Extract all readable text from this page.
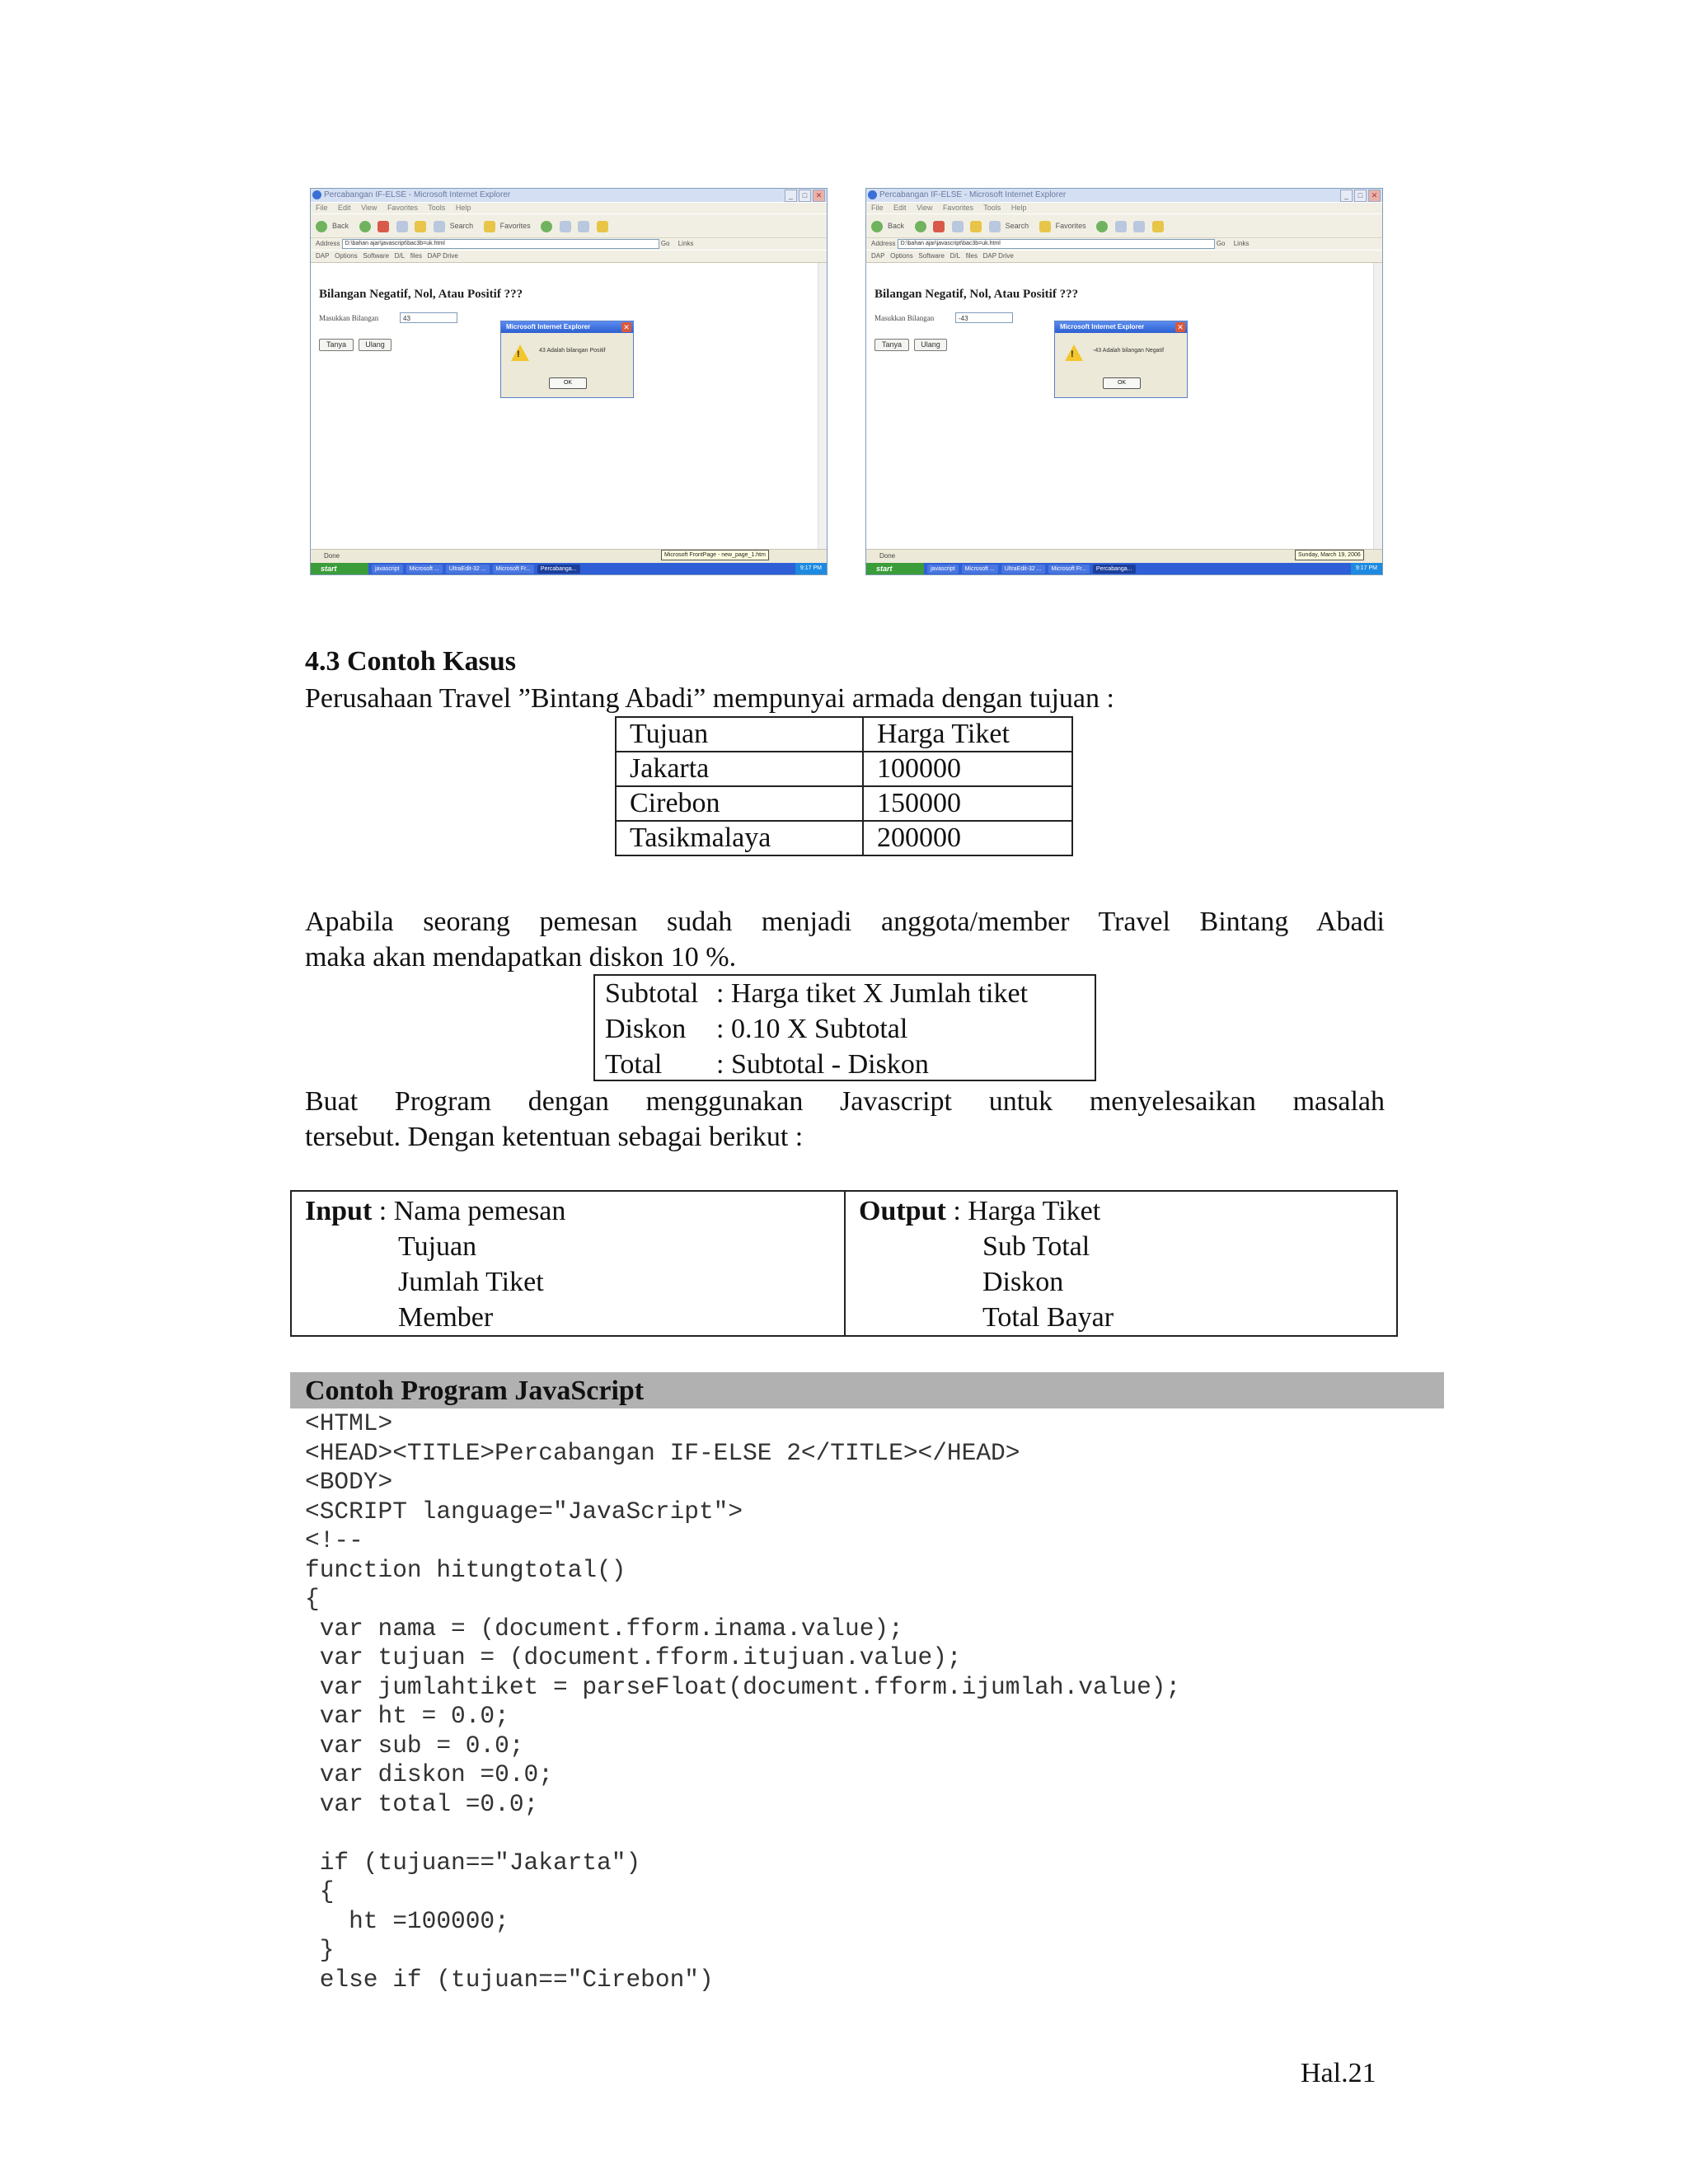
Percabangan IF-ELSE - Microsoft Internet Explorer	_	□	✕
File Edit View Favorites Tools Help
Back	Search	Favorites
Address D:\bahan ajar\javascript\bac3b=uk.html	Go Links
DAP Options Software D/L files DAP Drive
Bilangan Negatif, Nol, Atau Positif ???
Masukkan Bilangan	43
Tanya	Ulang
Microsoft Internet Explorer	✕
!	43 Adalah bilangan Positif
OK
Done	Microsoft FrontPage - new_page_1.htm
start	javascript	Microsoft ...	UltraEdit-32 ...	Microsoft Fr...	Percabanga...	9:17 PM
Percabangan IF-ELSE - Microsoft Internet Explorer	_	□	✕
File Edit View Favorites Tools Help
Back	Search	Favorites
Address D:\bahan ajar\javascript\bac3b=uk.html	Go Links
DAP Options Software D/L files DAP Drive
Bilangan Negatif, Nol, Atau Positif ???
Masukkan Bilangan	-43
Tanya	Ulang
Microsoft Internet Explorer	✕
!	-43 Adalah bilangan Negatif
OK
Done	Sunday, March 19, 2006
start	javascript	Microsoft ...	UltraEdit-32 ...	Microsoft Fr...	Percabanga...	9:17 PM
4.3 Contoh Kasus
Perusahaan Travel ”Bintang Abadi” mempunyai armada dengan tujuan :
Tujuan	Harga Tiket
Jakarta	100000
Cirebon	150000
Tasikmalaya	200000
Apabila seorang pemesan sudah menjadi anggota/member Travel Bintang Abadi
maka akan mendapatkan diskon 10 %.
Subtotal : Harga tiket X Jumlah tiket
Diskon : 0.10 X Subtotal
Total : Subtotal - Diskon
Buat Program dengan menggunakan Javascript untuk menyelesaikan masalah
tersebut. Dengan ketentuan sebagai berikut :
Input : Nama pemesan
Tujuan
Jumlah Tiket
Member
Output : Harga Tiket
Sub Total
Diskon
Total Bayar
Contoh Program JavaScript
<HTML>
<HEAD><TITLE>Percabangan IF-ELSE 2</TITLE></HEAD>
<BODY>
<SCRIPT language="JavaScript">
<!--
function hitungtotal()
{
var nama = (document.fform.inama.value);
var tujuan = (document.fform.itujuan.value);
var jumlahtiket = parseFloat(document.fform.ijumlah.value);
var ht = 0.0;
var sub = 0.0;
var diskon =0.0;
var total =0.0;

if (tujuan=="Jakarta")
{
ht =100000;
}
else if (tujuan=="Cirebon")
Hal.21
